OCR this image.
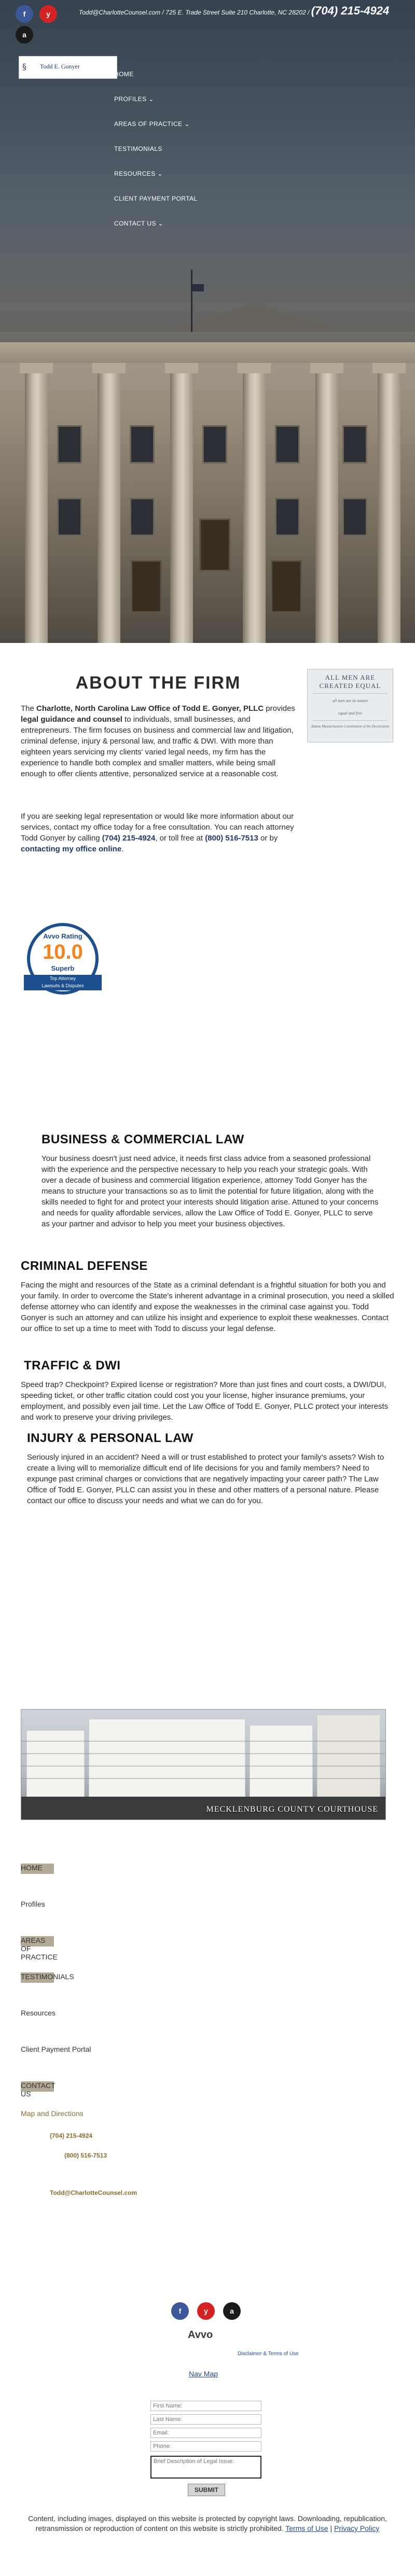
f	y
a
Todd@CharlotteCounsel.com / 725 E. Trade Street Suite 210 Charlotte, NC 28202 / (704) 215-4924
§	Todd E. Gonyer
HOME
PROFILES ⌄
AREAS OF PRACTICE ⌄
TESTIMONIALS
RESOURCES ⌄
CLIENT PAYMENT PORTAL
CONTACT US ⌄
ABOUT THE FIRM

The Charlotte, North Carolina Law Office of Todd E. Gonyer, PLLC provides legal guidance and counsel to individuals, small businesses, and entrepreneurs. The firm focuses on business and commercial law and litigation, criminal defense, injury & personal law, and traffic & DWI. With more than eighteen years servicing my clients' varied legal needs, my firm has the experience to handle both complex and smaller matters, while being small enough to offer clients attentive, personalized service at a reasonable cost.

If you are seeking legal representation or would like more information about our services, contact my office today for a free consultation. You can reach attorney Todd Gonyer by calling (704) 215-4924, or toll free at (800) 516-7513 or by contacting my office online.

ALL MEN ARE
CREATED EQUAL
all men are its nature
equal and free
Adams Massachusetts Constitution of the Declaration
Avvo Rating
10.0
Superb
Top Attorney
Lawsuits & Disputes
BUSINESS & COMMERCIAL LAW

Your business doesn't just need advice, it needs first class advice from a seasoned professional with the experience and the perspective necessary to help you reach your strategic goals. With over a decade of business and commercial litigation experience, attorney Todd Gonyer has the means to structure your transactions so as to limit the potential for future litigation, along with the skills needed to fight for and protect your interests should litigation arise. Attuned to your concerns and needs for quality affordable services, allow the Law Office of Todd E. Gonyer, PLLC to serve as your partner and advisor to help you meet your business objectives.

CRIMINAL DEFENSE

Facing the might and resources of the State as a criminal defendant is a frightful situation for both you and your family. In order to overcome the State's inherent advantage in a criminal prosecution, you need a skilled defense attorney who can identify and expose the weaknesses in the criminal case against you. Todd Gonyer is such an attorney and can utilize his insight and experience to exploit these weaknesses. Contact our office to set up a time to meet with Todd to discuss your legal defense.

TRAFFIC & DWI

Speed trap? Checkpoint? Expired license or registration? More than just fines and court costs, a DWI/DUI, speeding ticket, or other traffic citation could cost you your license, higher insurance premiums, your employment, and possibly even jail time. Let the Law Office of Todd E. Gonyer, PLLC protect your interests and work to preserve your driving privileges.

INJURY & PERSONAL LAW

Seriously injured in an accident? Need a will or trust established to protect your family's assets? Wish to create a living will to memorialize difficult end of life decisions for you and family members? Need to expunge past criminal charges or convictions that are negatively impacting your career path? The Law Office of Todd E. Gonyer, PLLC can assist you in these and other matters of a personal nature. Please contact our office to discuss your needs and what we can do for you.

MECKLENBURG COUNTY COURTHOUSE
HOME
Profiles
AREAS OF PRACTICE
TESTIMONIALS
Resources
Client Payment Portal
CONTACT US
Map and Directions
(704) 215-4924
(800) 516-7513
Todd@CharlotteCounsel.com
f	y	a
Avvo
Disclaimer & Terms of Use
Nav Map
First Name:
Last Name:
Email:
Phone:
Brief Description of Legal Issue:
SUBMIT
Content, including images, displayed on this website is protected by copyright laws. Downloading, republication, retransmission or reproduction of content on this website is strictly prohibited. Terms of Use | Privacy Policy
